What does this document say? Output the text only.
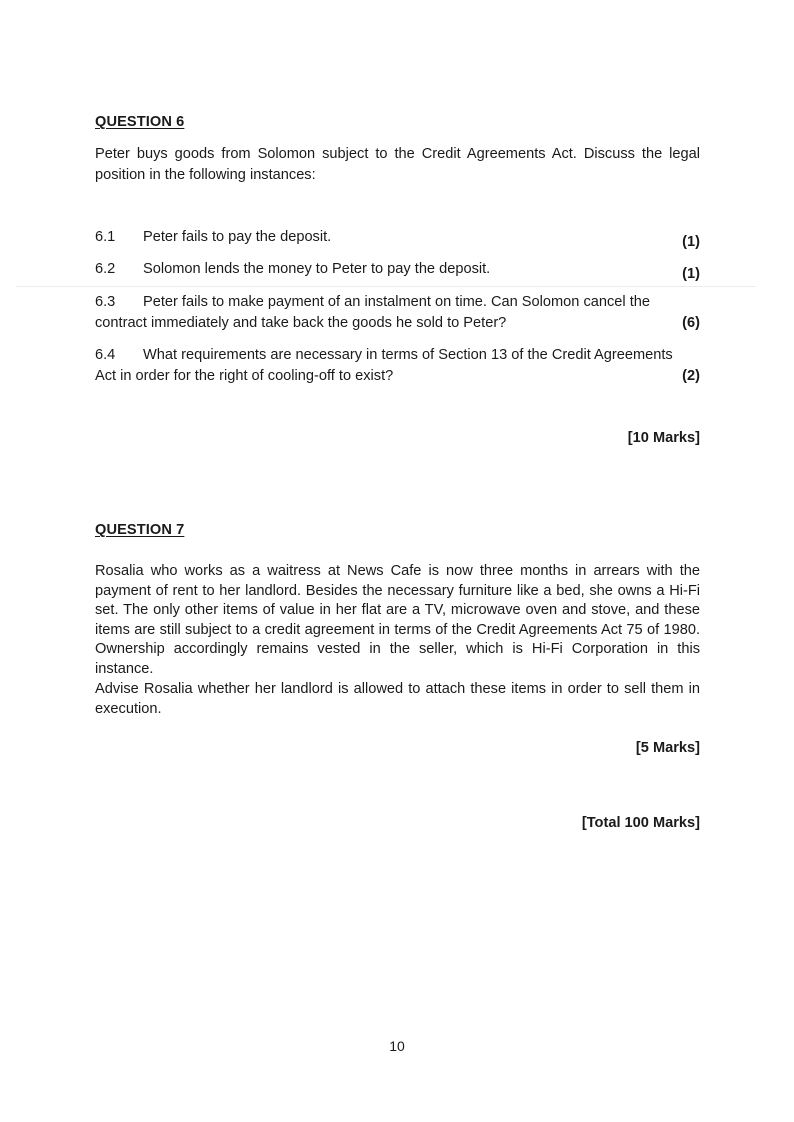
QUESTION 6
Peter buys goods from Solomon subject to the Credit Agreements Act. Discuss the legal
position in the following instances:
6.1 Peter fails to pay the deposit.	(1)
6.2 Solomon lends the money to Peter to pay the deposit.	(1)
6.3 Peter fails to make payment of an instalment on time. Can Solomon cancel the
contract immediately and take back the goods he sold to Peter?	(6)
6.4 What requirements are necessary in terms of Section 13 of the Credit Agreements
Act in order for the right of cooling-off to exist?	(2)
[10 Marks]
QUESTION 7
Rosalia who works as a waitress at News Cafe is now three months in arrears with the payment of rent to her landlord. Besides the necessary furniture like a bed, she owns a Hi-Fi set. The only other items of value in her flat are a TV, microwave oven and stove, and these items are still subject to a credit agreement in terms of the Credit Agreements Act 75 of 1980. Ownership accordingly remains vested in the seller, which is Hi-Fi Corporation in this instance.
Advise Rosalia whether her landlord is allowed to attach these items in order to sell them in execution.
[5 Marks]
[Total 100 Marks]
10
